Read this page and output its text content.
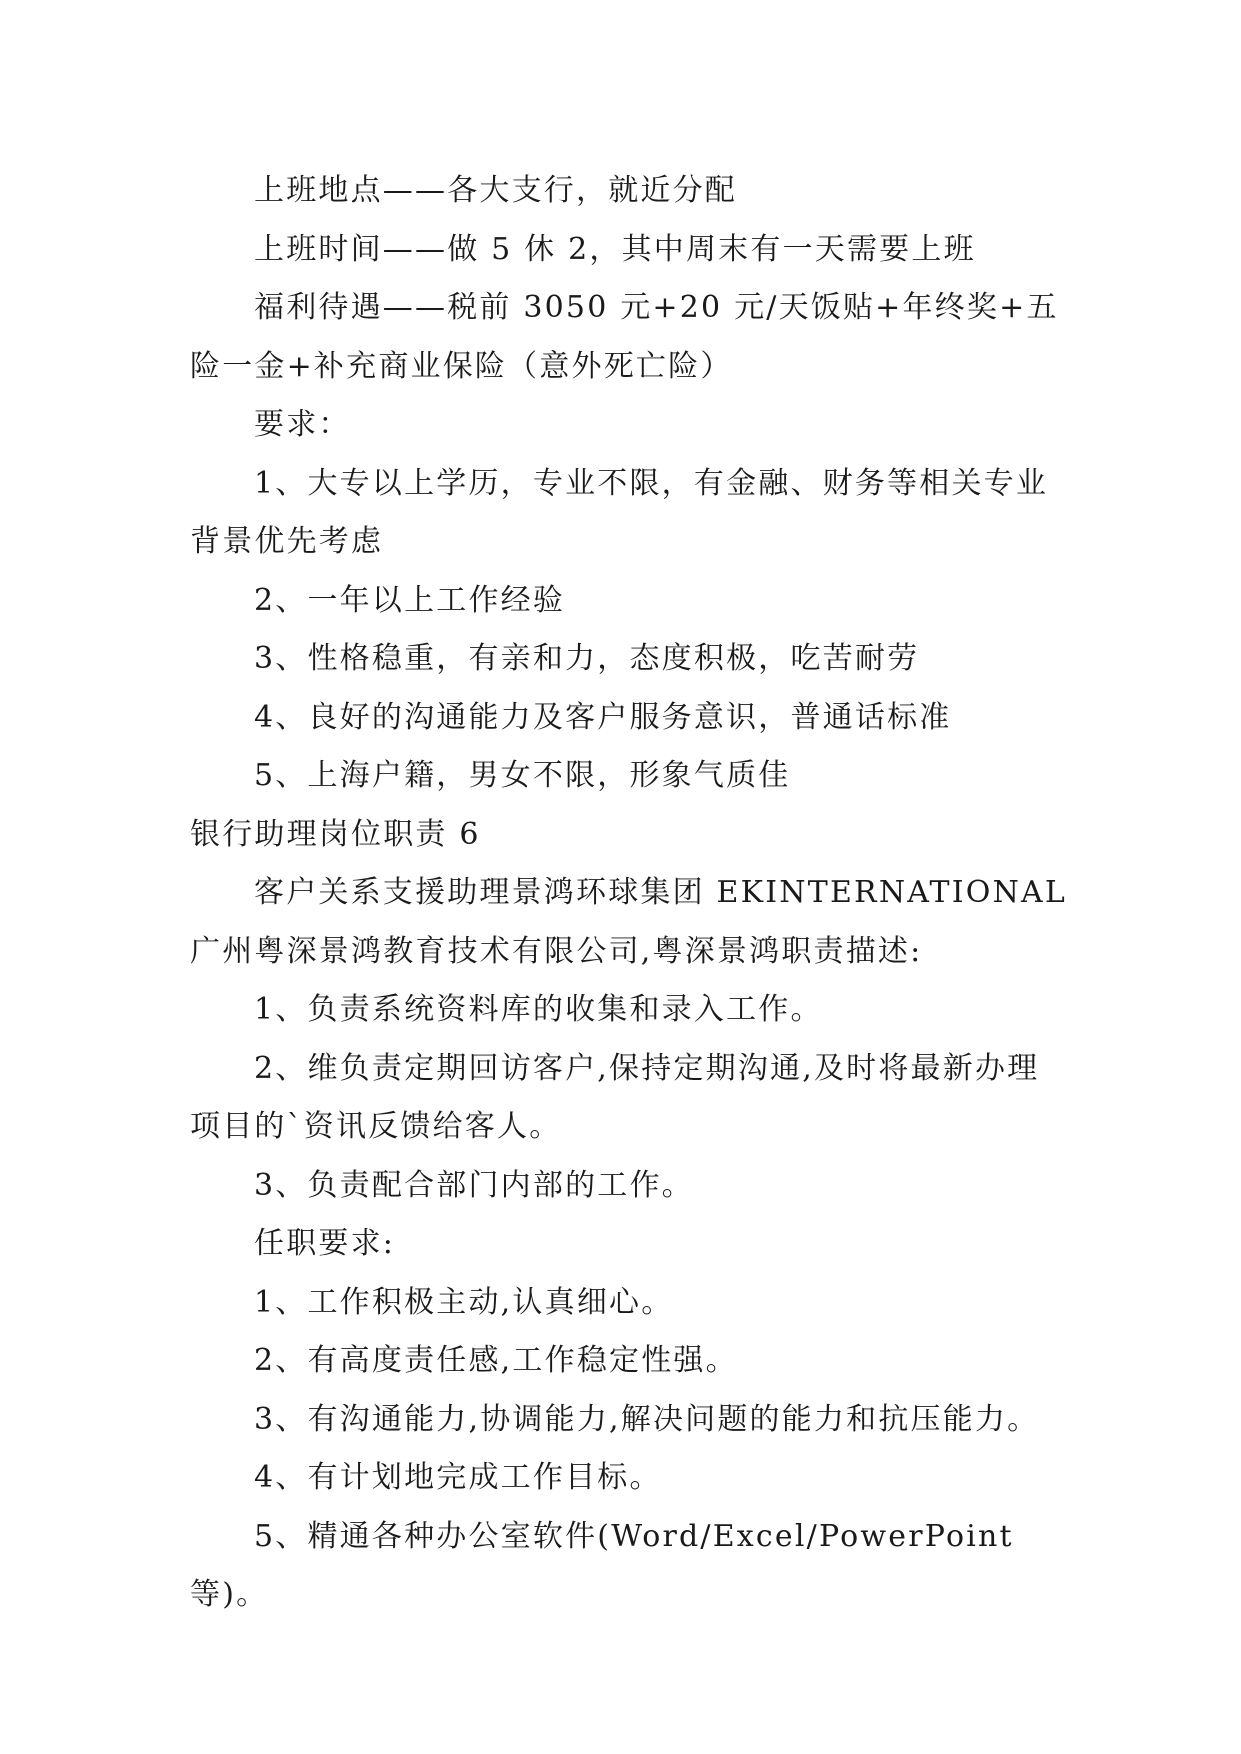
上班地点——各大支行，就近分配

上班时间——做 5 休 2，其中周末有一天需要上班

福利待遇——税前 3050 元+20 元/天饭贴+年终奖+五险一金+补充商业保险（意外死亡险）

要求：

1、大专以上学历，专业不限，有金融、财务等相关专业背景优先考虑

2、一年以上工作经验

3、性格稳重，有亲和力，态度积极，吃苦耐劳

4、良好的沟通能力及客户服务意识，普通话标准

5、上海户籍，男女不限，形象气质佳

银行助理岗位职责 6

客户关系支援助理景鸿环球集团 EKINTERNATIONAL 广州粤深景鸿教育技术有限公司,粤深景鸿职责描述:

1、负责系统资料库的收集和录入工作。

2、维负责定期回访客户,保持定期沟通,及时将最新办理项目的`资讯反馈给客人。

3、负责配合部门内部的工作。

任职要求:

1、工作积极主动,认真细心。

2、有高度责任感,工作稳定性强。

3、有沟通能力,协调能力,解决问题的能力和抗压能力。

4、有计划地完成工作目标。

5、精通各种办公室软件(Word/Excel/PowerPoint 等)。
